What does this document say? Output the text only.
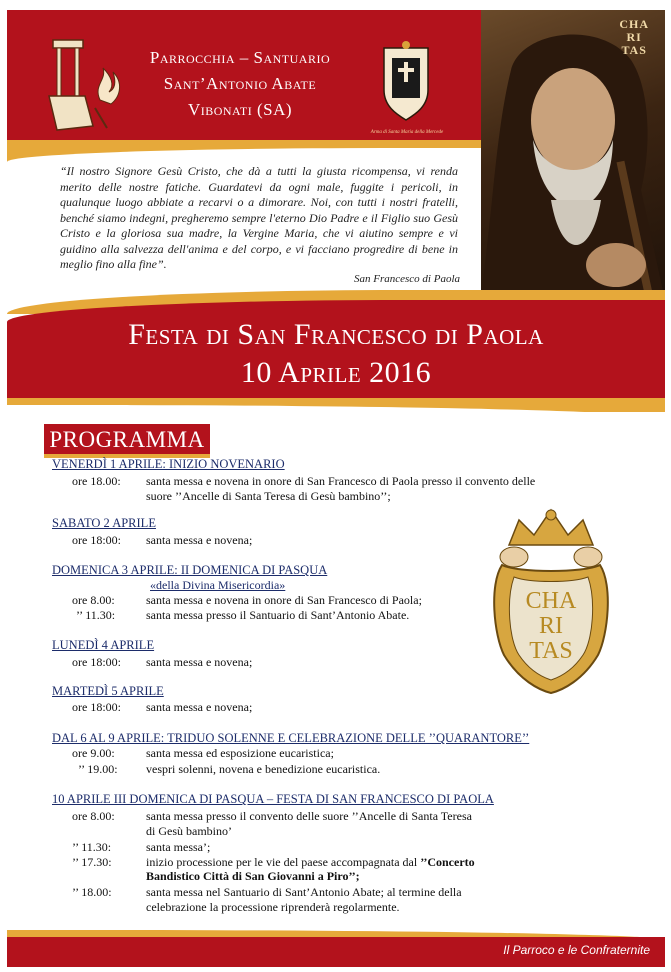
Parrocchia – Santuario
Sant’Antonio Abate
Vibonati (SA)
Arma di Santa Maria della Mercede
CHA
RI
TAS
“Il nostro Signore Gesù Cristo, che dà a tutti la giusta ricompensa, vi renda merito delle nostre fatiche. Guardatevi da ogni male, fuggite i pericoli, in qualunque luogo abbiate a recarvi o a dimorare. Noi, con tutti i nostri fratelli, benché siamo indegni, pregheremo sempre l'eterno Dio Padre e il Figlio suo Gesù Cristo e la gloriosa sua madre, la Vergine Maria, che vi aiutino sempre e vi guidino alla salvezza dell'anima e del corpo, e vi facciano progredire di bene in meglio fino alla fine”.
San Francesco di Paola
Festa di San Francesco di Paola
10 Aprile 2016
PROGRAMMA
VENERDÌ 1 APRILE: INIZIO NOVENARIO
ore 18.00: santa messa e novena in onore di San Francesco di Paola presso il convento delle
suore ’’Ancelle di Santa Teresa di Gesù bambino’’;
SABATO 2 APRILE
ore 18:00: santa messa e novena;
DOMENICA 3 APRILE: II DOMENICA DI PASQUA
«della Divina Misericordia»
ore 8.00:	santa messa e novena in onore di San Francesco di Paola;
’’ 11.30:	santa messa presso il Santuario di Sant’Antonio Abate.
LUNEDÌ 4 APRILE
ore 18:00: santa messa e novena;
MARTEDÌ 5 APRILE
ore 18:00: santa messa e novena;
DAL 6 AL 9 APRILE: TRIDUO SOLENNE E CELEBRAZIONE DELLE ’’QUARANTORE’’
ore 9.00:	santa messa ed esposizione eucaristica;
’’ 19.00: vespri solenni, novena e benedizione eucaristica.
10 APRILE III DOMENICA DI PASQUA – FESTA DI SAN FRANCESCO DI PAOLA
ore 8.00:	santa messa presso il convento delle suore ’’Ancelle di Santa Teresa
di Gesù bambino’
’’ 11.30:	santa messa’;
’’ 17.30:	inizio processione per le vie del paese accompagnata dal ’’Concerto
Bandistico Città di San Giovanni a Piro’’;
’’ 18.00:	santa messa nel Santuario di Sant’Antonio Abate; al termine della
celebrazione la processione riprenderà regolarmente.
CHA
RI
TAS
Il Parroco e le Confraternite
